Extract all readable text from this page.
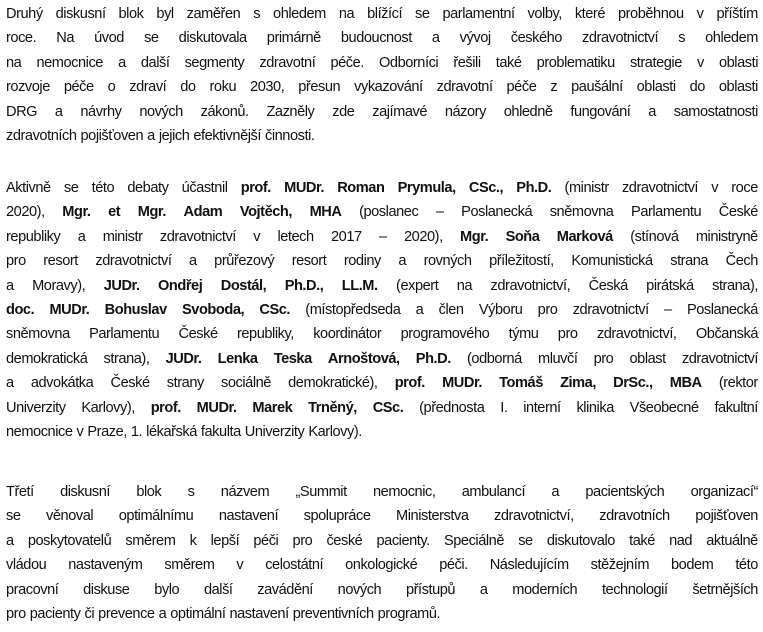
Druhý diskusní blok byl zaměřen s ohledem na blížící se parlamentní volby, které proběhnou v příštím
roce. Na úvod se diskutovala primárně budoucnost a vývoj českého zdravotnictví s ohledem
na nemocnice a další segmenty zdravotní péče. Odborníci řešili také problematiku strategie v oblasti
rozvoje péče o zdraví do roku 2030, přesun vykazování zdravotní péče z paušální oblasti do oblasti
DRG a návrhy nových zákonů. Zazněly zde zajímavé názory ohledně fungování a samostatnosti
zdravotních pojišťoven a jejich efektivnější činnosti.
Aktivně se této debaty účastnil prof. MUDr. Roman Prymula, CSc., Ph.D. (ministr zdravotnictví v roce
2020), Mgr. et Mgr. Adam Vojtěch, MHA (poslanec – Poslanecká sněmovna Parlamentu České
republiky a ministr zdravotnictví v letech 2017 – 2020), Mgr. Soňa Marková (stínová ministryně
pro resort zdravotnictví a průřezový resort rodiny a rovných příležitostí, Komunistická strana Čech
a Moravy), JUDr. Ondřej Dostál, Ph.D., LL.M. (expert na zdravotnictví, Česká pirátská strana),
doc. MUDr. Bohuslav Svoboda, CSc. (místopředseda a člen Výboru pro zdravotnictví – Poslanecká
sněmovna Parlamentu České republiky, koordinátor programového týmu pro zdravotnictví, Občanská
demokratická strana), JUDr. Lenka Teska Arnoštová, Ph.D. (odborná mluvčí pro oblast zdravotnictví
a advokátka České strany sociálně demokratické), prof. MUDr. Tomáš Zima, DrSc., MBA (rektor
Univerzity Karlovy), prof. MUDr. Marek Trněný, CSc. (přednosta I. interní klinika Všeobecné fakultní
nemocnice v Praze, 1. lékařská fakulta Univerzity Karlovy).
Třetí diskusní blok s názvem „Summit nemocnic, ambulancí a pacientských organizací“
se věnoval optimálnímu nastavení spolupráce Ministerstva zdravotnictví, zdravotních pojišťoven
a poskytovatelů směrem k lepší péči pro české pacienty. Speciálně se diskutovalo také nad aktuálně
vládou nastaveným směrem v celostátní onkologické péči. Následujícím stěžejním bodem této
pracovní diskuse bylo další zavádění nových přístupů a moderních technologií šetrnějších
pro pacienty či prevence a optimální nastavení preventivních programů.
